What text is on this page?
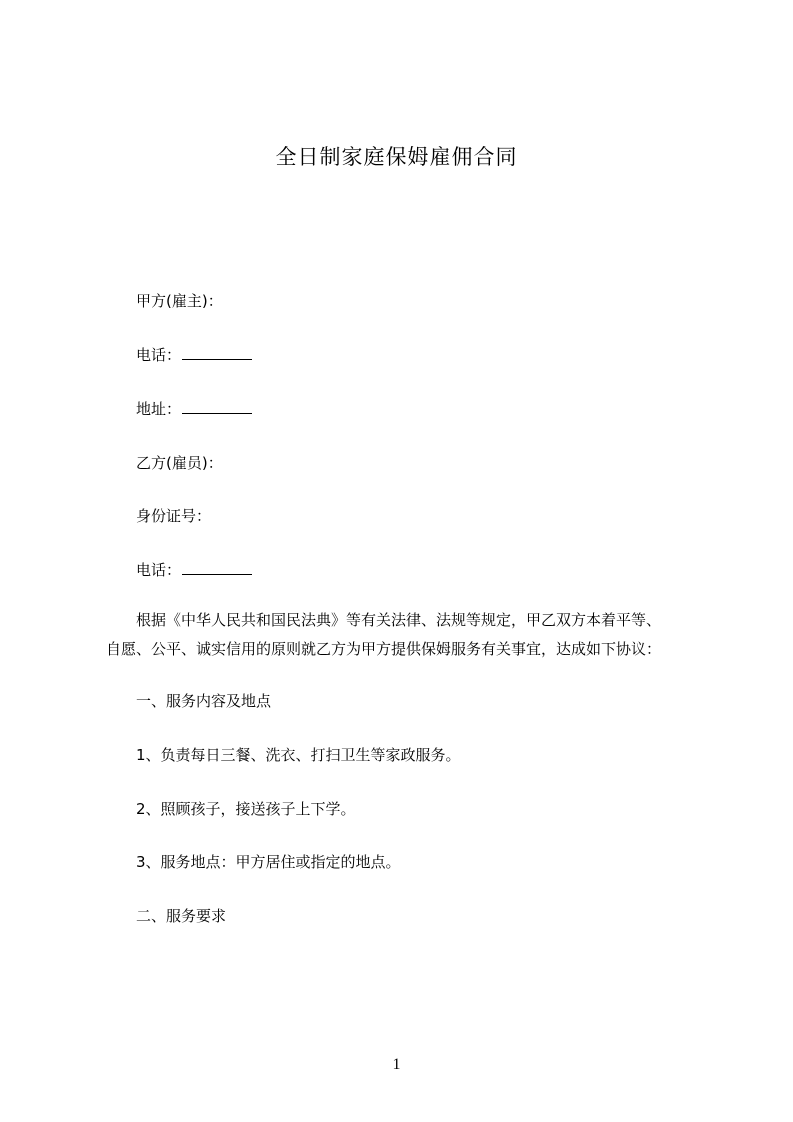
全日制家庭保姆雇佣合同
甲方(雇主)：
电话：
地址：
乙方(雇员)：
身份证号：
电话：
根据《中华人民共和国民法典》等有关法律、法规等规定，甲乙双方本着平等、
自愿、公平、诚实信用的原则就乙方为甲方提供保姆服务有关事宜，达成如下协议：
一、服务内容及地点
1、负责每日三餐、洗衣、打扫卫生等家政服务。
2、照顾孩子，接送孩子上下学。
3、服务地点：甲方居住或指定的地点。
二、服务要求
1
